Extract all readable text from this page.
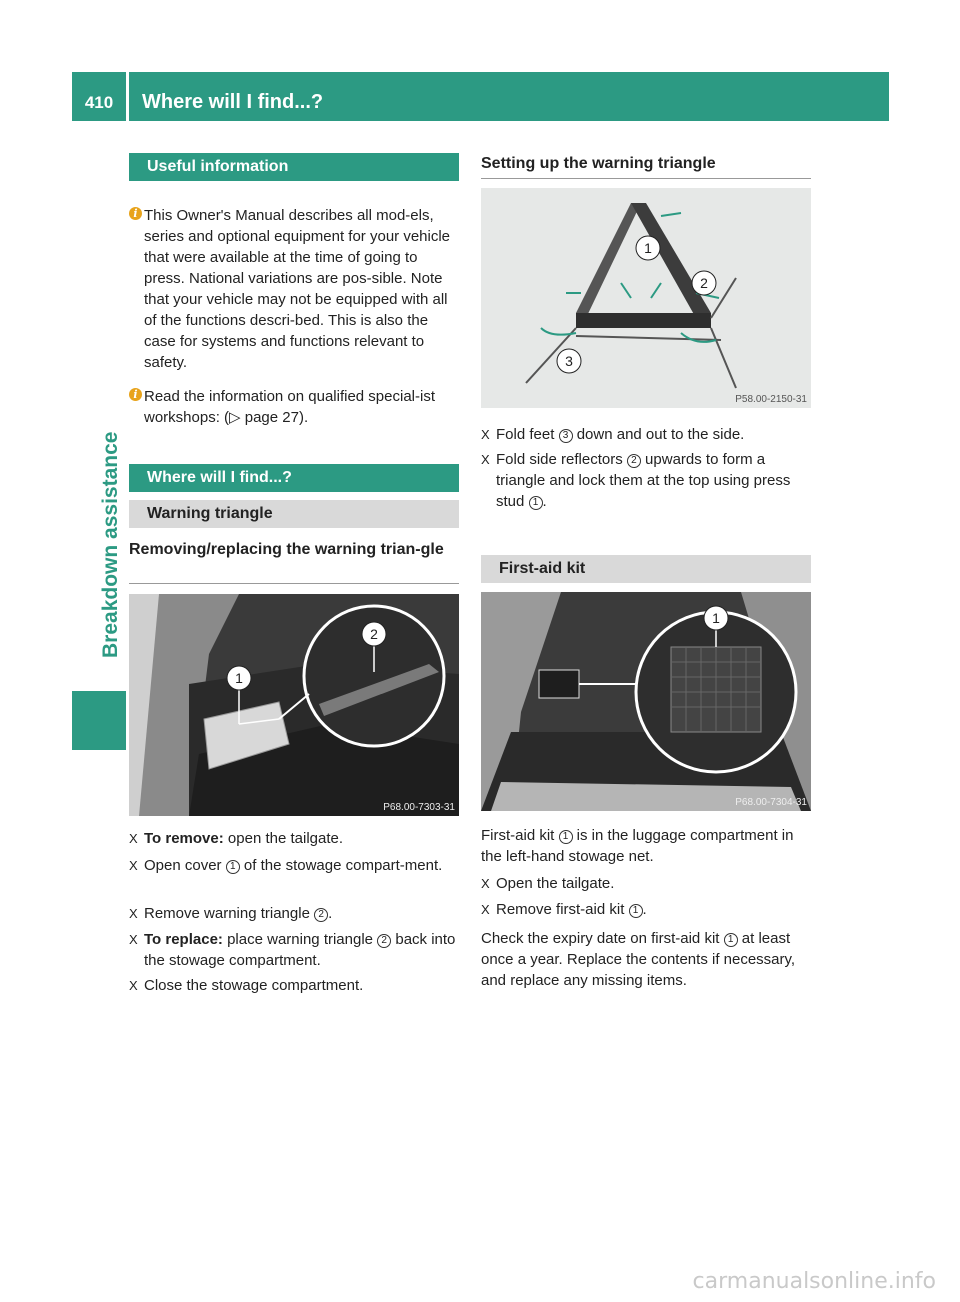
410	Where will I find...?
Breakdown assistance
Useful information
i This Owner's Manual describes all mod-els, series and optional equipment for your vehicle that were available at the time of going to press. National variations are pos-sible. Note that your vehicle may not be equipped with all of the functions descri-bed. This is also the case for systems and functions relevant to safety.
i Read the information on qualified special-ist workshops: (▷ page 27).
Where will I find...?
Warning triangle
Removing/replacing the warning trian-gle
1
2
P68.00-7303-31
X To remove: open the tailgate.
X Open cover 1 of the stowage compart-ment.
X Remove warning triangle 2 .
X To replace: place warning triangle 2 back into the stowage compartment.
X Close the stowage compartment.
Setting up the warning triangle
1
2
3
P58.00-2150-31
X Fold feet 3 down and out to the side.
X Fold side reflectors 2 upwards to form a triangle and lock them at the top using press stud 1 .
First-aid kit
1
P68.00-7304-31
First-aid kit 1 is in the luggage compartment in the left-hand stowage net.
X Open the tailgate.
X Remove first-aid kit 1 .
Check the expiry date on first-aid kit 1 at least once a year. Replace the contents if necessary, and replace any missing items.
carmanualsonline.info
